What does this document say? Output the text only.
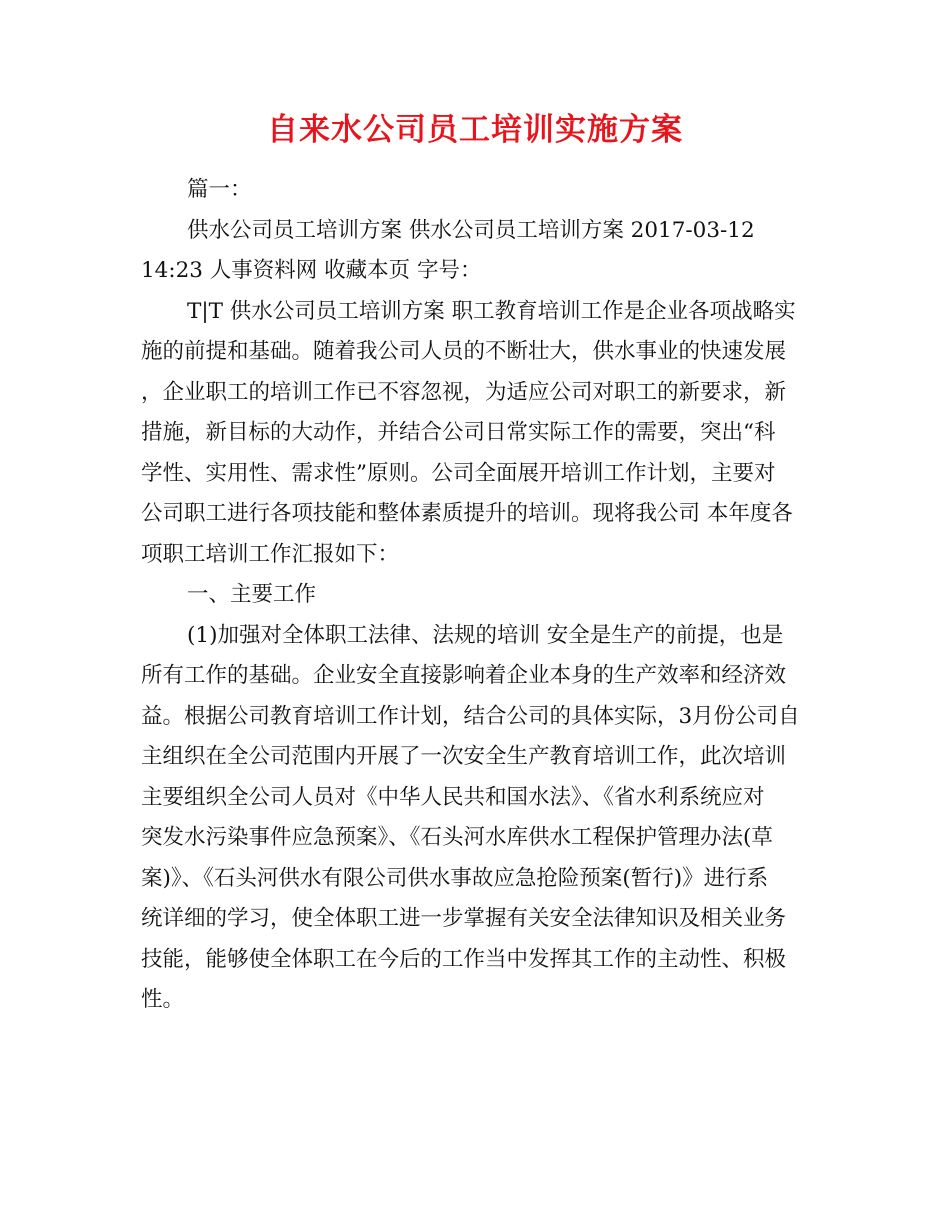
自来水公司员工培训实施方案
篇一：
供水公司员工培训方案 供水公司员工培训方案 2017-03-12
14:23 人事资料网 收藏本页 字号：
T|T 供水公司员工培训方案 职工教育培训工作是企业各项战略实
施的前提和基础。随着我公司人员的不断壮大，供水事业的快速发展
，企业职工的培训工作已不容忽视，为适应公司对职工的新要求，新
措施，新目标的大动作，并结合公司日常实际工作的需要，突出“科
学性、实用性、需求性”原则。公司全面展开培训工作计划，主要对
公司职工进行各项技能和整体素质提升的培训。现将我公司 本年度各
项职工培训工作汇报如下：
一、主要工作
(1)加强对全体职工法律、法规的培训 安全是生产的前提，也是
所有工作的基础。企业安全直接影响着企业本身的生产效率和经济效
益。根据公司教育培训工作计划，结合公司的具体实际，3月份公司自
主组织在全公司范围内开展了一次安全生产教育培训工作，此次培训
主要组织全公司人员对《中华人民共和国水法》、《省水利系统应对
突发水污染事件应急预案》、《石头河水库供水工程保护管理办法(草
案)》、《石头河供水有限公司供水事故应急抢险预案(暂行)》进行系
统详细的学习，使全体职工进一步掌握有关安全法律知识及相关业务
技能，能够使全体职工在今后的工作当中发挥其工作的主动性、积极
性。
